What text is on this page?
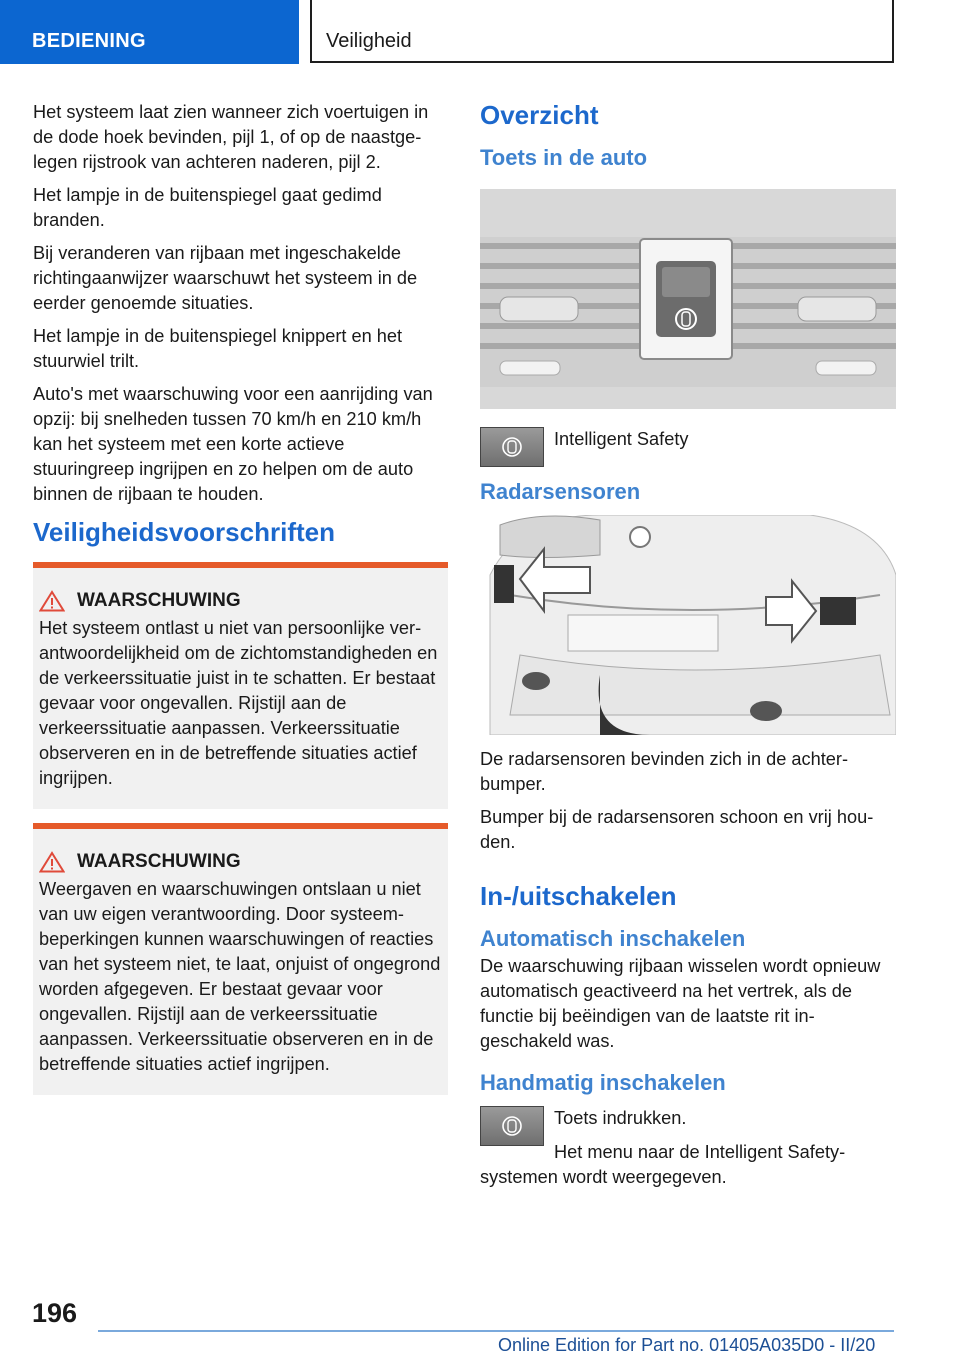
BEDIENING	Veiligheid

Het systeem laat zien wanneer zich voertuigen in de dode hoek bevinden, pijl 1, of op de naastgelegen rijstrook van achteren naderen, pijl 2.

Het lampje in de buitenspiegel gaat gedimd branden.

Bij veranderen van rijbaan met ingeschakelde richtingaanwijzer waarschuwt het systeem in de eerder genoemde situaties.

Het lampje in de buitenspiegel knippert en het stuurwiel trilt.

Auto's met waarschuwing voor een aanrijding van opzij: bij snelheden tussen 70 km/h en 210 km/h kan het systeem met een korte actieve stuuringreep ingrijpen en zo helpen om de auto binnen de rijbaan te houden.

Veiligheidsvoorschriften
WAARSCHUWING

Het systeem ontlast u niet van persoonlijke verantwoordelijkheid om de zichtomstandigheden en de verkeerssituatie juist in te schatten. Er bestaat gevaar voor ongevallen. Rijstijl aan de verkeerssituatie aanpassen. Verkeerssituatie observeren en in de betreffende situaties actief ingrijpen.

WAARSCHUWING

Weergaven en waarschuwingen ontslaan u niet van uw eigen verantwoording. Door systeembeperkingen kunnen waarschuwingen of reacties van het systeem niet, te laat, onjuist of ongegrond worden afgegeven. Er bestaat gevaar voor ongevallen. Rijstijl aan de verkeerssituatie aanpassen. Verkeerssituatie observeren en in de betreffende situaties actief ingrijpen.

Overzicht
Toets in de auto

Intelligent Safety

Radarsensoren

De radarsensoren bevinden zich in de achterbumper.

Bumper bij de radarsensoren schoon en vrij houden.

In-/uitschakelen
Automatisch inschakelen

De waarschuwing rijbaan wisselen wordt opnieuw automatisch geactiveerd na het vertrek, als de functie bij beëindigen van de laatste rit ingeschakeld was.

Handmatig inschakelen

Toets indrukken.

Het menu naar de Intelligent Safety-systemen wordt weergegeven.

196
Online Edition for Part no. 01405A035D0 - II/20
